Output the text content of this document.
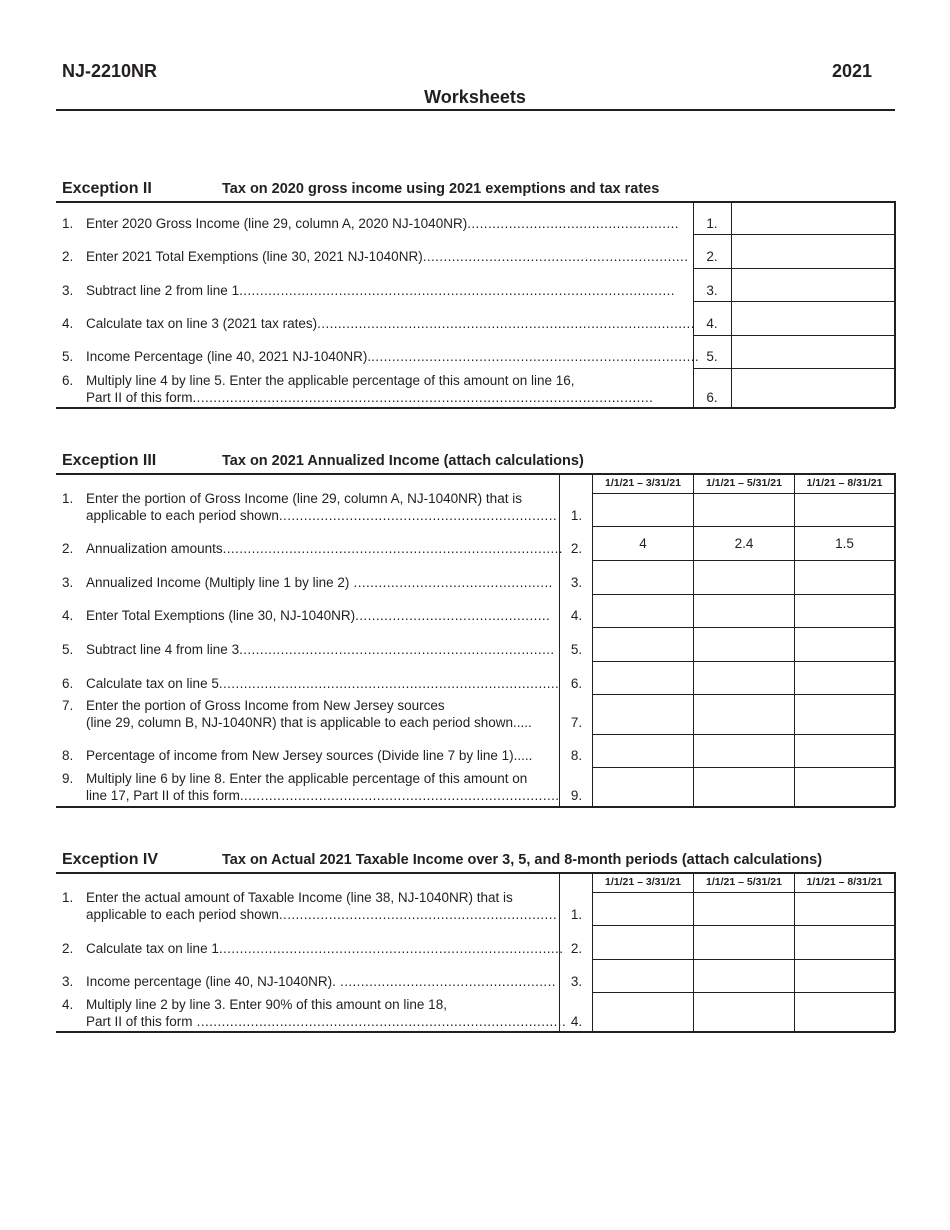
NJ-2210NR	2021
Worksheets
Exception II	Tax on 2020 gross income using 2021 exemptions and tax rates
1. Enter 2020 Gross Income (line 29, column A, 2020 NJ-1040NR)...................................................	1.
2. Enter 2021 Total Exemptions (line 30, 2021 NJ-1040NR)................................................................	2.
3. Subtract line 2 from line 1.........................................................................................................	3.
4. Calculate tax on line 3 (2021 tax rates)........................................................................................... 4.
5. Income Percentage (line 40, 2021 NJ-1040NR)................................................................................ 5.
6. Multiply line 4 by line 5. Enter the applicable percentage of this amount on line 16,
Part II of this form...............................................................................................................	6.
Exception III	Tax on 2021 Annualized Income (attach calculations)
1/1/21 – 3/31/21	1/1/21 – 5/31/21	1/1/21 – 8/31/21
1. Enter the portion of Gross Income (line 29, column A, NJ-1040NR) that is
applicable to each period shown...................................................................	1.
2. Annualization amounts.................................................................................. 2.	4	2.4	1.5
3. Annualized Income (Multiply line 1 by line 2) ................................................	3.
4. Enter Total Exemptions (line 30, NJ-1040NR)...............................................	4.
5. Subtract line 4 from line 3............................................................................	5.
6. Calculate tax on line 5.................................................................................. 6.
7. Enter the portion of Gross Income from New Jersey sources
(line 29, column B, NJ-1040NR) that is applicable to each period shown.....	7.
8. Percentage of income from New Jersey sources (Divide line 7 by line 1).....	8.
9. Multiply line 6 by line 8. Enter the applicable percentage of this amount on
line 17, Part II of this form............................................................................. 9.
Exception IV	Tax on Actual 2021 Taxable Income over 3, 5, and 8-month periods (attach calculations)
1/1/21 – 3/31/21	1/1/21 – 5/31/21	1/1/21 – 8/31/21
1. Enter the actual amount of Taxable Income (line 38, NJ-1040NR) that is
applicable to each period shown...................................................................	1.
2. Calculate tax on line 1................................................................................... 2.
3. Income percentage (line 40, NJ-1040NR). ....................................................	3.
4. Multiply line 2 by line 3. Enter 90% of this amount on line 18,
Part II of this form ......................................................................................... 4.
